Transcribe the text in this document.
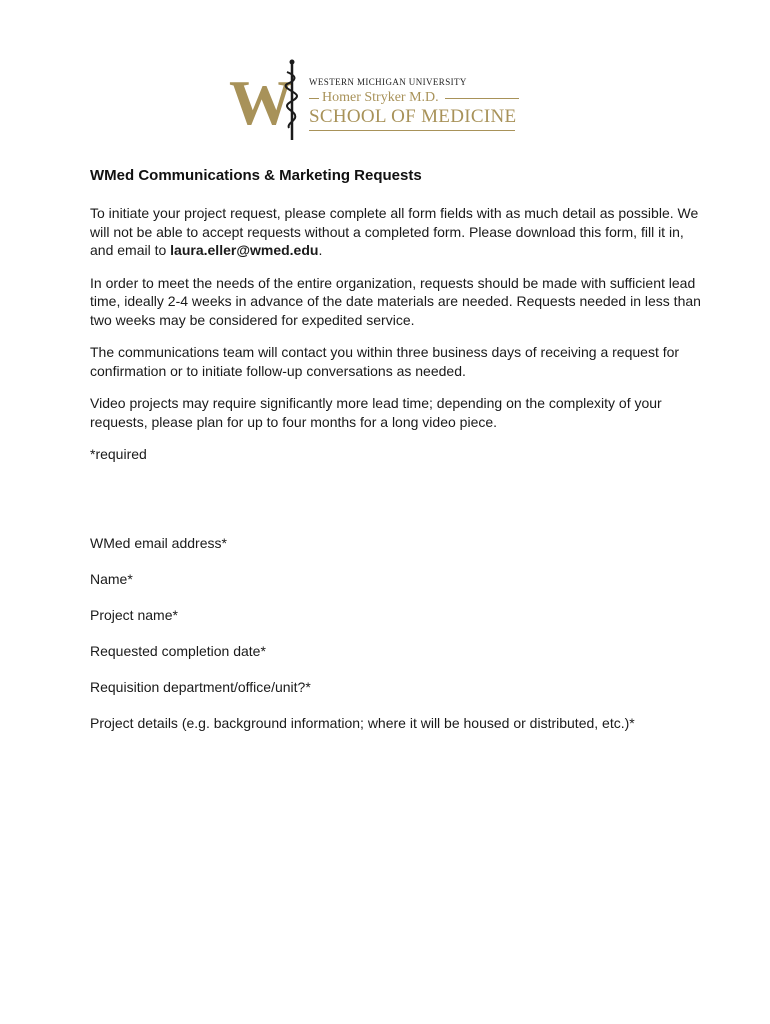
W WESTERN MICHIGAN UNIVERSITY
Homer Stryker M.D.
SCHOOL OF MEDICINE
WMed Communications & Marketing Requests

To initiate your project request, please complete all form fields with as much detail as possible. We will not be able to accept requests without a completed form. Please download this form, fill it in, and email to laura.eller@wmed.edu.

In order to meet the needs of the entire organization, requests should be made with sufficient lead time, ideally 2-4 weeks in advance of the date materials are needed. Requests needed in less than two weeks may be considered for expedited service.

The communications team will contact you within three business days of receiving a request for confirmation or to initiate follow-up conversations as needed.

Video projects may require significantly more lead time; depending on the complexity of your requests, please plan for up to four months for a long video piece.

*required

WMed email address*
Name*
Project name*
Requested completion date*
Requisition department/office/unit?*
Project details (e.g. background information; where it will be housed or distributed, etc.)*
